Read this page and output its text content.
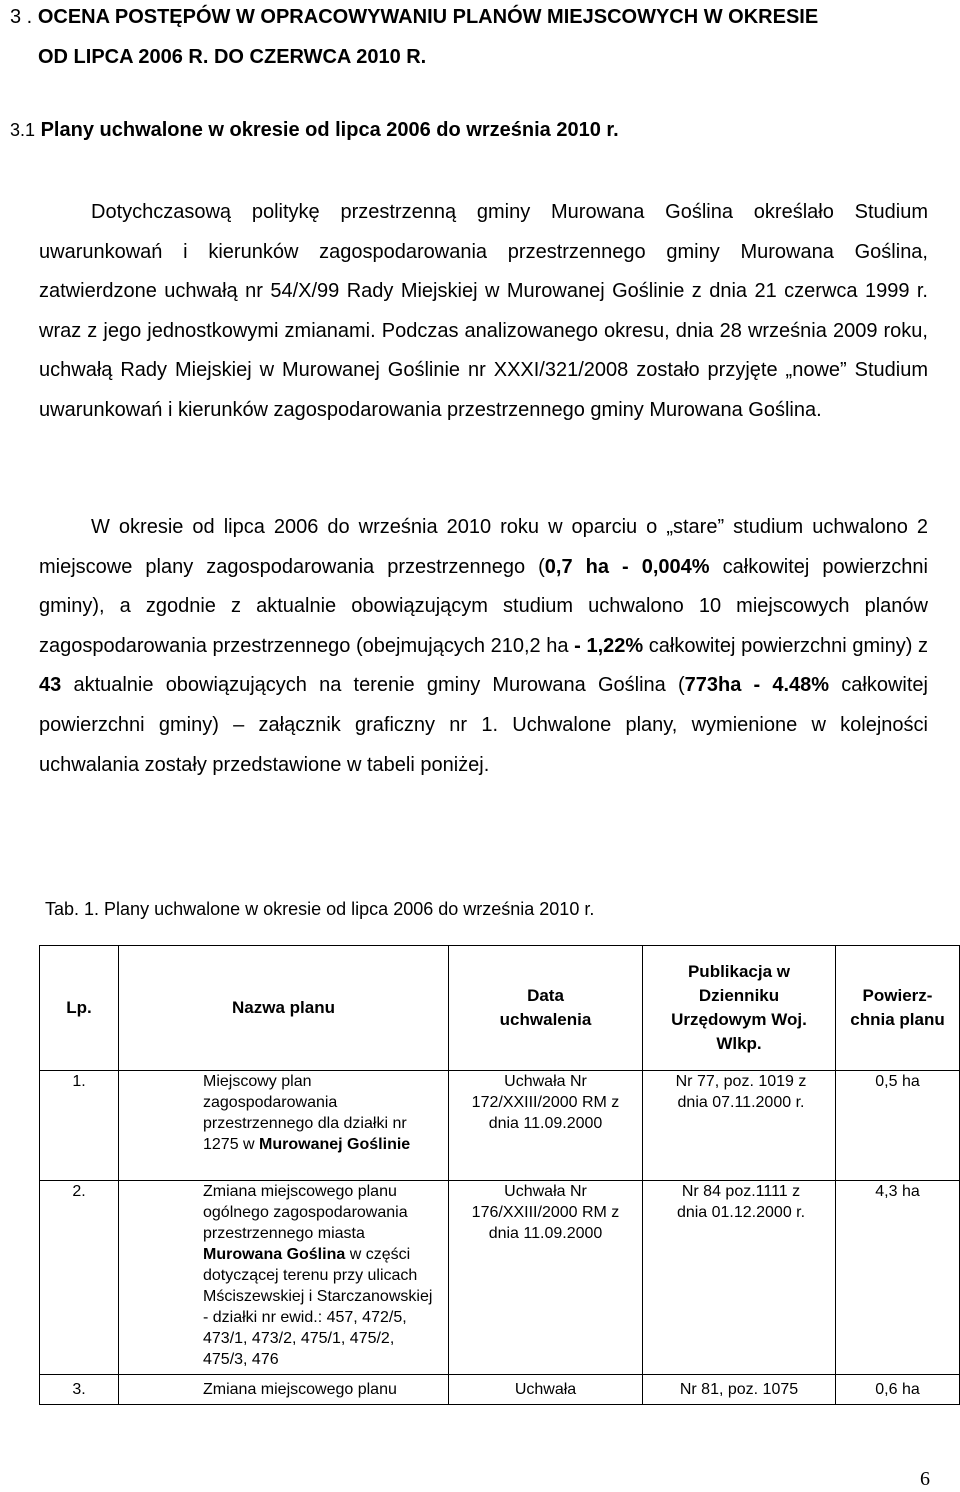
3 . OCENA POSTĘPÓW W OPRACOWYWANIU PLANÓW MIEJSCOWYCH W OKRESIE
OD LIPCA 2006 R. DO CZERWCA 2010 R.
3.1 Plany uchwalone w okresie od lipca 2006 do września 2010 r.
Dotychczasową politykę przestrzenną gminy Murowana Goślina określało Studium uwarunkowań i kierunków zagospodarowania przestrzennego gminy Murowana Goślina, zatwierdzone uchwałą nr 54/X/99 Rady Miejskiej w Murowanej Goślinie z dnia 21 czerwca 1999 r. wraz z jego jednostkowymi zmianami. Podczas analizowanego okresu, dnia 28 września 2009 roku, uchwałą Rady Miejskiej w Murowanej Goślinie nr XXXI/321/2008 zostało przyjęte „nowe” Studium uwarunkowań i kierunków zagospodarowania przestrzennego gminy Murowana Goślina.
W okresie od lipca 2006 do września 2010 roku w oparciu o „stare” studium uchwalono 2 miejscowe plany zagospodarowania przestrzennego (0,7 ha - 0,004% całkowitej powierzchni gminy), a zgodnie z aktualnie obowiązującym studium uchwalono 10 miejscowych planów zagospodarowania przestrzennego (obejmujących 210,2 ha - 1,22% całkowitej powierzchni gminy) z 43 aktualnie obowiązujących na terenie gminy Murowana Goślina (773ha - 4.48% całkowitej powierzchni gminy) – załącznik graficzny nr 1. Uchwalone plany, wymienione w kolejności uchwalania zostały przedstawione w tabeli poniżej.
Tab. 1. Plany uchwalone w okresie od lipca 2006 do września 2010 r.
Lp.	Nazwa planu	Data uchwalenia	Publikacja w Dzienniku Urzędowym Woj. Wlkp.	Powierz- chnia planu
1.	Miejscowy plan zagospodarowania przestrzennego dla działki nr 1275 w Murowanej Goślinie	Uchwała Nr 172/XXIII/2000 RM z dnia 11.09.2000	Nr 77, poz. 1019 z dnia 07.11.2000 r.	0,5 ha
2.	Zmiana miejscowego planu ogólnego zagospodarowania przestrzennego miasta Murowana Goślina w części dotyczącej terenu przy ulicach Mściszewskiej i Starczanowskiej - działki nr ewid.: 457, 472/5, 473/1, 473/2, 475/1, 475/2, 475/3, 476	Uchwała Nr 176/XXIII/2000 RM z dnia 11.09.2000	Nr 84 poz.1111 z dnia 01.12.2000 r.	4,3 ha
3.	Zmiana miejscowego planu	Uchwała	Nr 81, poz. 1075	0,6 ha
6
